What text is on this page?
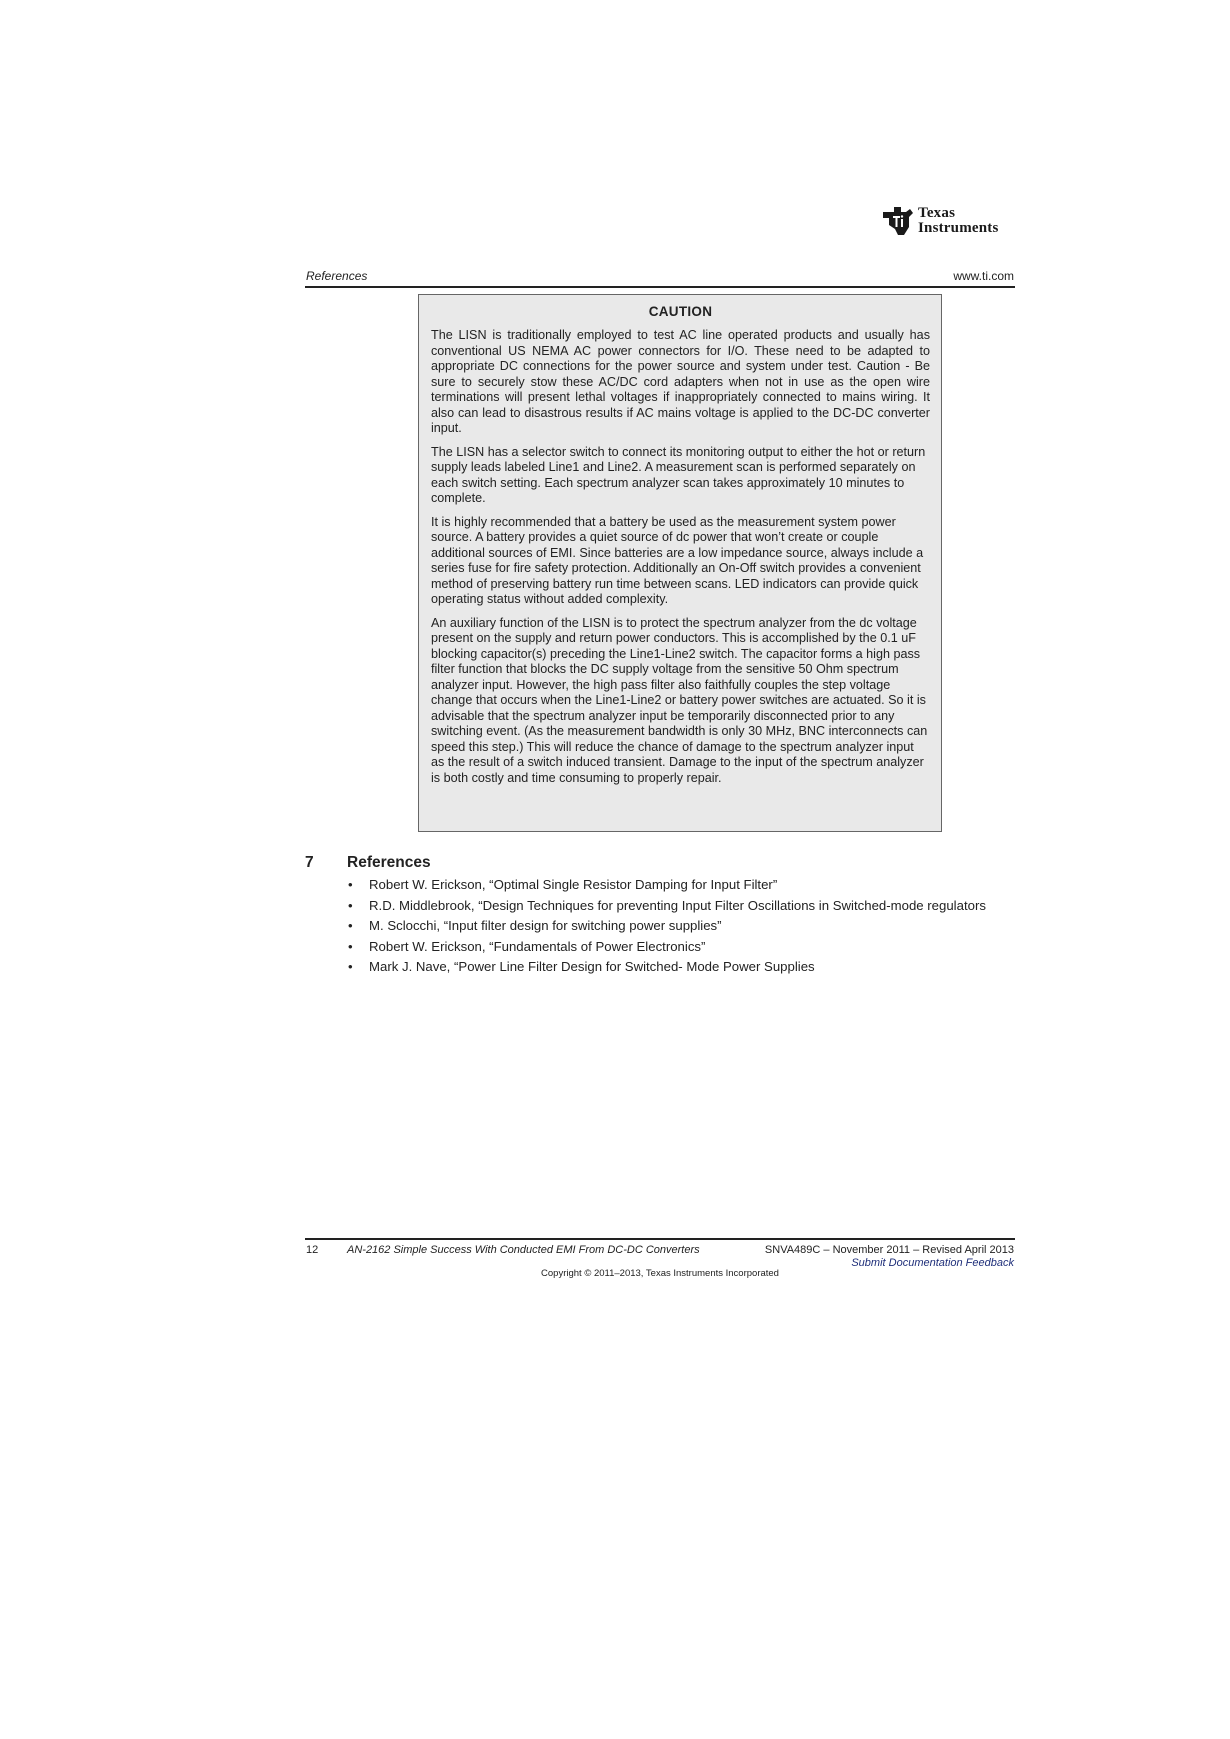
Texas
Instruments
References	www.ti.com
CAUTION

The LISN is traditionally employed to test AC line operated products and usually has conventional US NEMA AC power connectors for I/O. These need to be adapted to appropriate DC connections for the power source and system under test. Caution - Be sure to securely stow these AC/DC cord adapters when not in use as the open wire terminations will present lethal voltages if inappropriately connected to mains wiring. It also can lead to disastrous results if AC mains voltage is applied to the DC-DC converter input.

The LISN has a selector switch to connect its monitoring output to either the hot or return supply leads labeled Line1 and Line2. A measurement scan is performed separately on each switch setting. Each spectrum analyzer scan takes approximately 10 minutes to complete.

It is highly recommended that a battery be used as the measurement system power source. A battery provides a quiet source of dc power that won’t create or couple additional sources of EMI. Since batteries are a low impedance source, always include a series fuse for fire safety protection. Additionally an On-Off switch provides a convenient method of preserving battery run time between scans. LED indicators can provide quick operating status without added complexity.

An auxiliary function of the LISN is to protect the spectrum analyzer from the dc voltage present on the supply and return power conductors. This is accomplished by the 0.1 uF blocking capacitor(s) preceding the Line1-Line2 switch. The capacitor forms a high pass filter function that blocks the DC supply voltage from the sensitive 50 Ohm spectrum analyzer input. However, the high pass filter also faithfully couples the step voltage change that occurs when the Line1-Line2 or battery power switches are actuated. So it is advisable that the spectrum analyzer input be temporarily disconnected prior to any switching event. (As the measurement bandwidth is only 30 MHz, BNC interconnects can speed this step.) This will reduce the chance of damage to the spectrum analyzer input as the result of a switch induced transient. Damage to the input of the spectrum analyzer is both costly and time consuming to properly repair.

7 References
• Robert W. Erickson, “Optimal Single Resistor Damping for Input Filter”
• R.D. Middlebrook, “Design Techniques for preventing Input Filter Oscillations in Switched-mode regulators
• M. Sclocchi, “Input filter design for switching power supplies”
• Robert W. Erickson, “Fundamentals of Power Electronics”
• Mark J. Nave, “Power Line Filter Design for Switched- Mode Power Supplies
12	AN-2162 Simple Success With Conducted EMI From DC-DC Converters	SNVA489C – November 2011 – Revised April 2013
Submit Documentation Feedback
Copyright © 2011–2013, Texas Instruments Incorporated
